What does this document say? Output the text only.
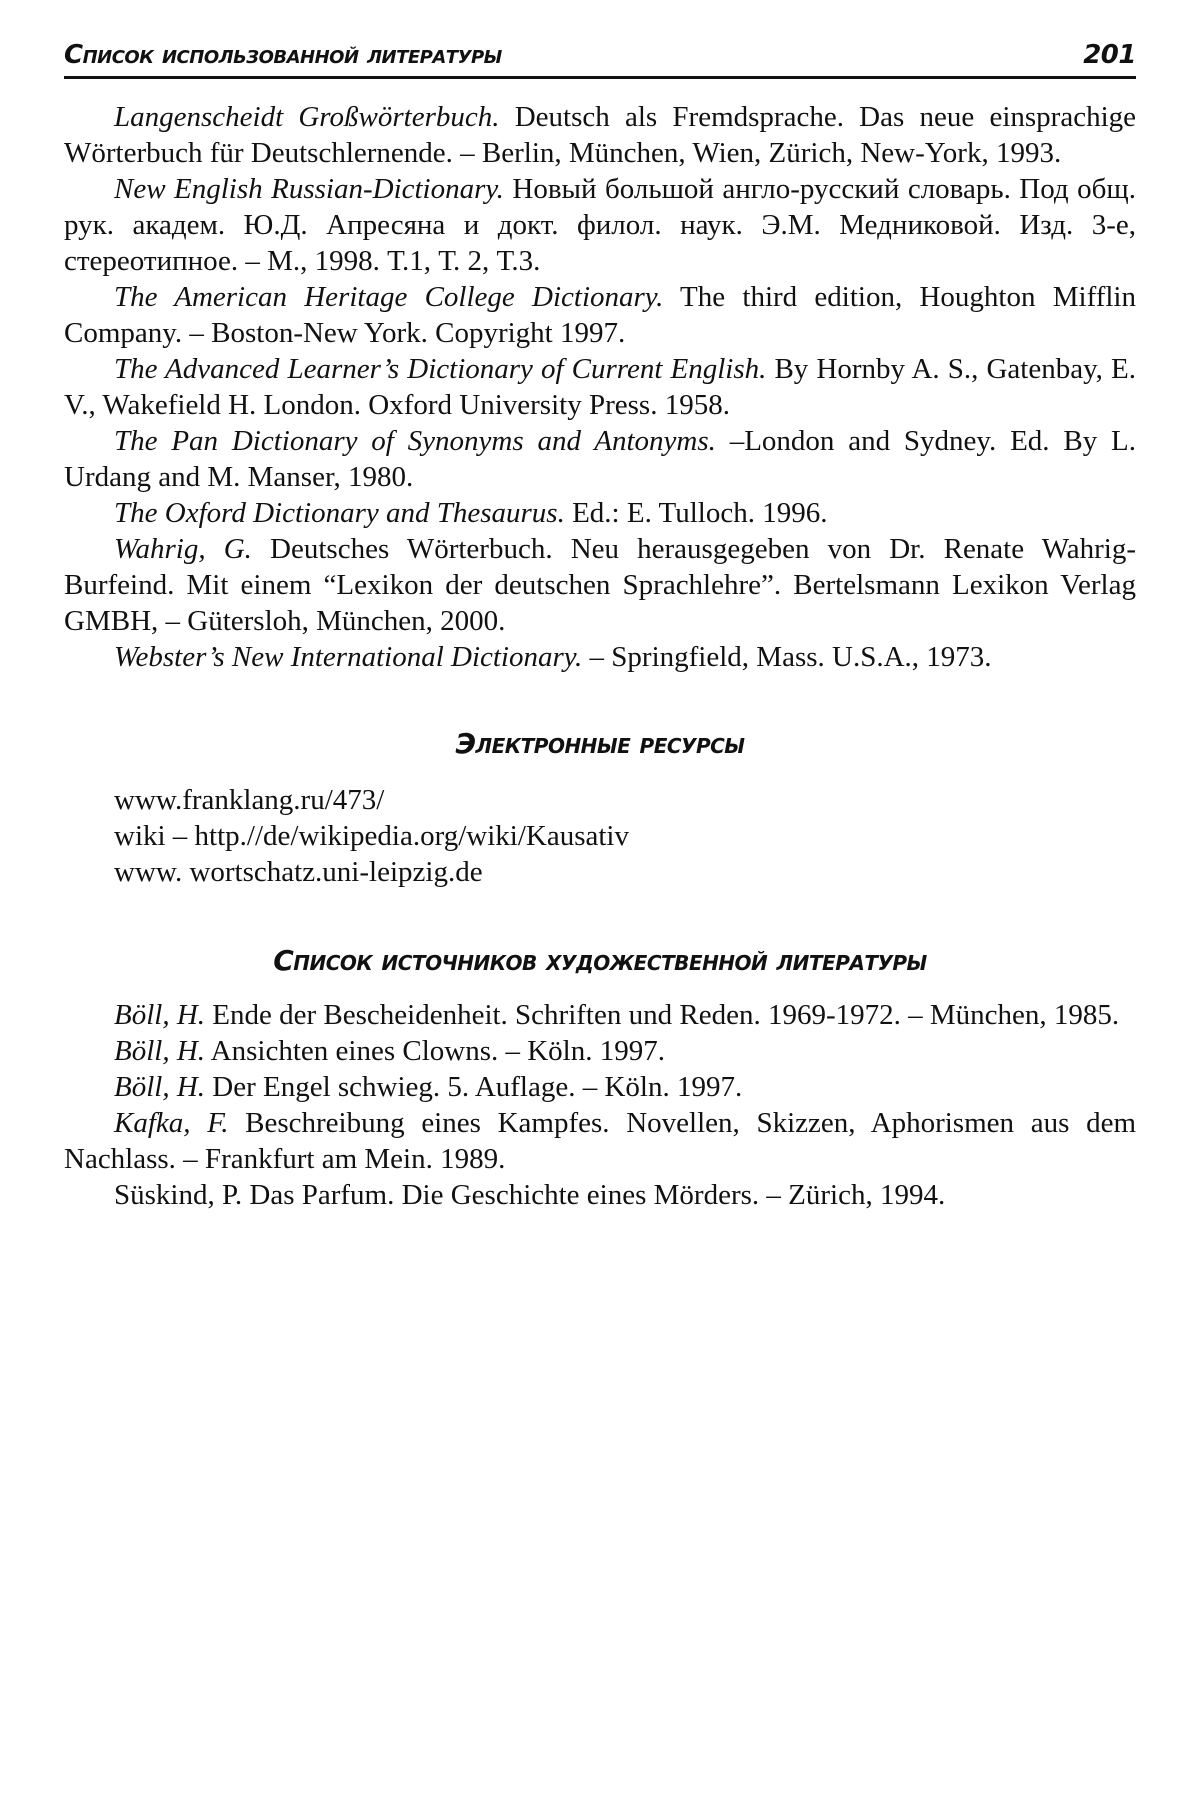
Список использованной литературы	201

Langenscheidt Großwörterbuch. Deutsch als Fremdsprache. Das neue einsprachige Wörterbuch für Deutschlernende. – Berlin, München, Wien, Zürich, New-York, 1993.

New English Russian-Dictionary. Новый большой англо-русский словарь. Под общ. рук. академ. Ю.Д. Апресяна и докт. филол. наук. Э.М. Медниковой. Изд. 3-е, стереотипное. – М., 1998. Т.1, Т. 2, Т.3.

The American Heritage College Dictionary. The third edition, Houghton Mifflin Company. – Boston-New York. Copyright 1997.

The Advanced Learner’s Dictionary of Current English. By Hornby A. S., Gatenbay, E. V., Wakefield H. London. Oxford University Press. 1958.

The Pan Dictionary of Synonyms and Antonyms. –London and Sydney. Ed. By L. Urdang and M. Manser, 1980.

The Oxford Dictionary and Thesaurus. Ed.: E. Tulloch. 1996.

Wahrig, G. Deutsches Wörterbuch. Neu herausgegeben von Dr. Renate Wahrig-Burfeind. Mit einem “Lexikon der deutschen Sprachlehre”. Bertelsmann Lexikon Verlag GMBH, – Gütersloh, München, 2000.

Webster’s New International Dictionary. – Springfield, Mass. U.S.A., 1973.

Электронные ресурсы
www.franklang.ru/473/
wiki – http.//de/wikipedia.org/wiki/Kausativ
www. wortschatz.uni-leipzig.de
Список источников художественной литературы

Böll, H. Ende der Bescheidenheit. Schriften und Reden. 1969-1972. – München, 1985.

Böll, H. Ansichten eines Clowns. – Köln. 1997.

Böll, H. Der Engel schwieg. 5. Auflage. – Köln. 1997.

Kafka, F. Beschreibung eines Kampfes. Novellen, Skizzen, Aphorismen aus dem Nachlass. – Frankfurt am Mein. 1989.

Süskind, P. Das Parfum. Die Geschichte eines Mörders. – Zürich, 1994.
